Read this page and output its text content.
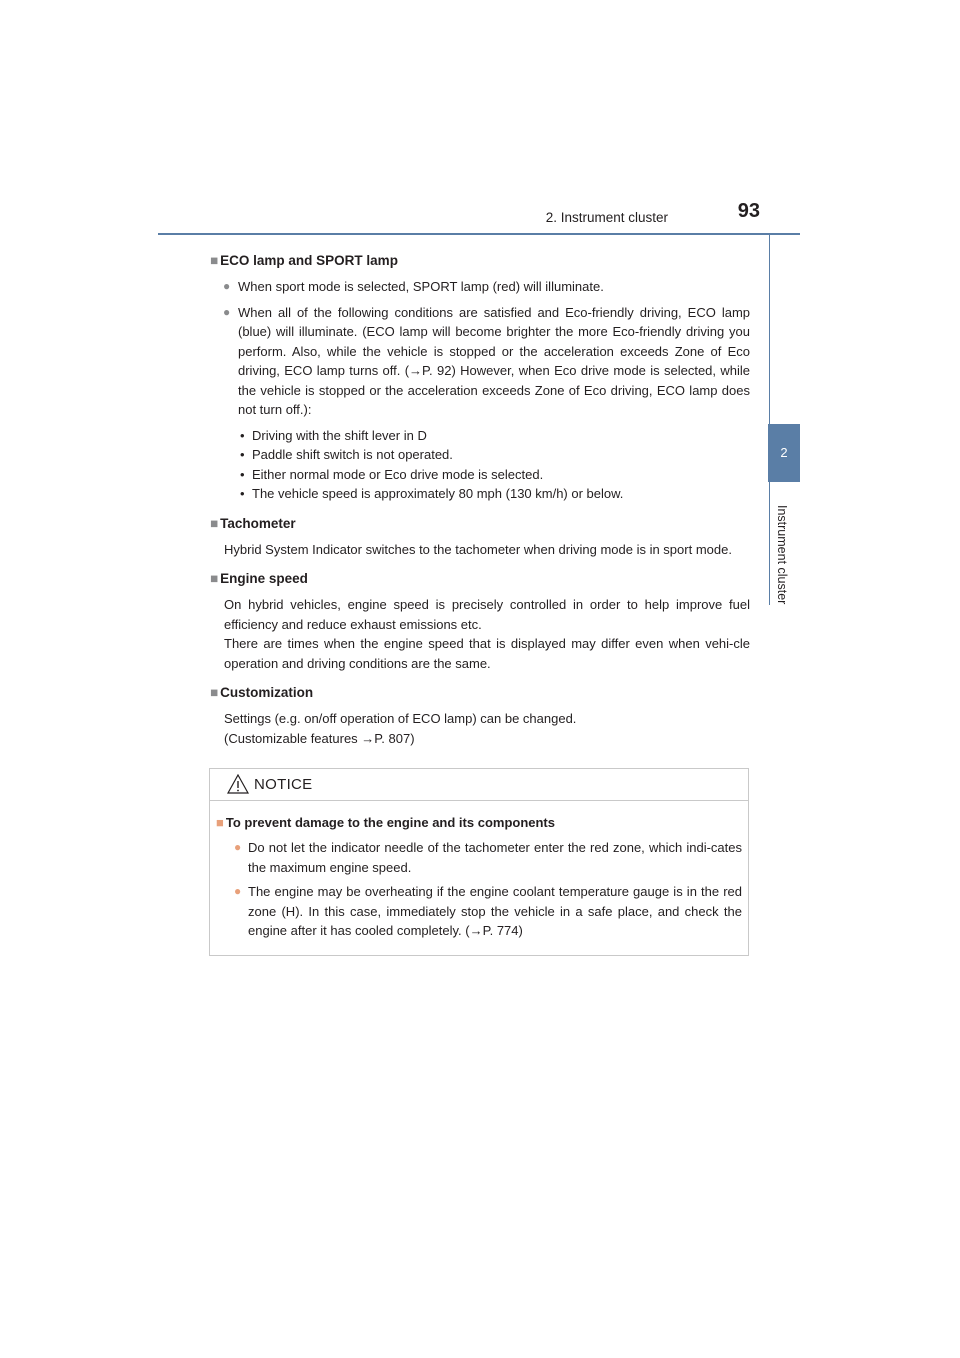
2. Instrument cluster	93
2
Instrument cluster
■ ECO lamp and SPORT lamp
● When sport mode is selected, SPORT lamp (red) will illuminate.
● When all of the following conditions are satisfied and Eco-friendly driving, ECO lamp (blue) will illuminate. (ECO lamp will become brighter the more Eco-friendly driving you perform. Also, while the vehicle is stopped or the acceleration exceeds Zone of Eco driving, ECO lamp turns off. (→P. 92) However, when Eco drive mode is selected, while the vehicle is stopped or the acceleration exceeds Zone of Eco driving, ECO lamp does not turn off.):
• Driving with the shift lever in D
• Paddle shift switch is not operated.
• Either normal mode or Eco drive mode is selected.
• The vehicle speed is approximately 80 mph (130 km/h) or below.
■ Tachometer
Hybrid System Indicator switches to the tachometer when driving mode is in sport mode.
■ Engine speed
On hybrid vehicles, engine speed is precisely controlled in order to help improve fuel efficiency and reduce exhaust emissions etc.
There are times when the engine speed that is displayed may differ even when vehi-cle operation and driving conditions are the same.
■ Customization
Settings (e.g. on/off operation of ECO lamp) can be changed.
(Customizable features →P. 807)
NOTICE
■ To prevent damage to the engine and its components
● Do not let the indicator needle of the tachometer enter the red zone, which indi-cates the maximum engine speed.
● The engine may be overheating if the engine coolant temperature gauge is in the red zone (H). In this case, immediately stop the vehicle in a safe place, and check the engine after it has cooled completely. (→P. 774)
